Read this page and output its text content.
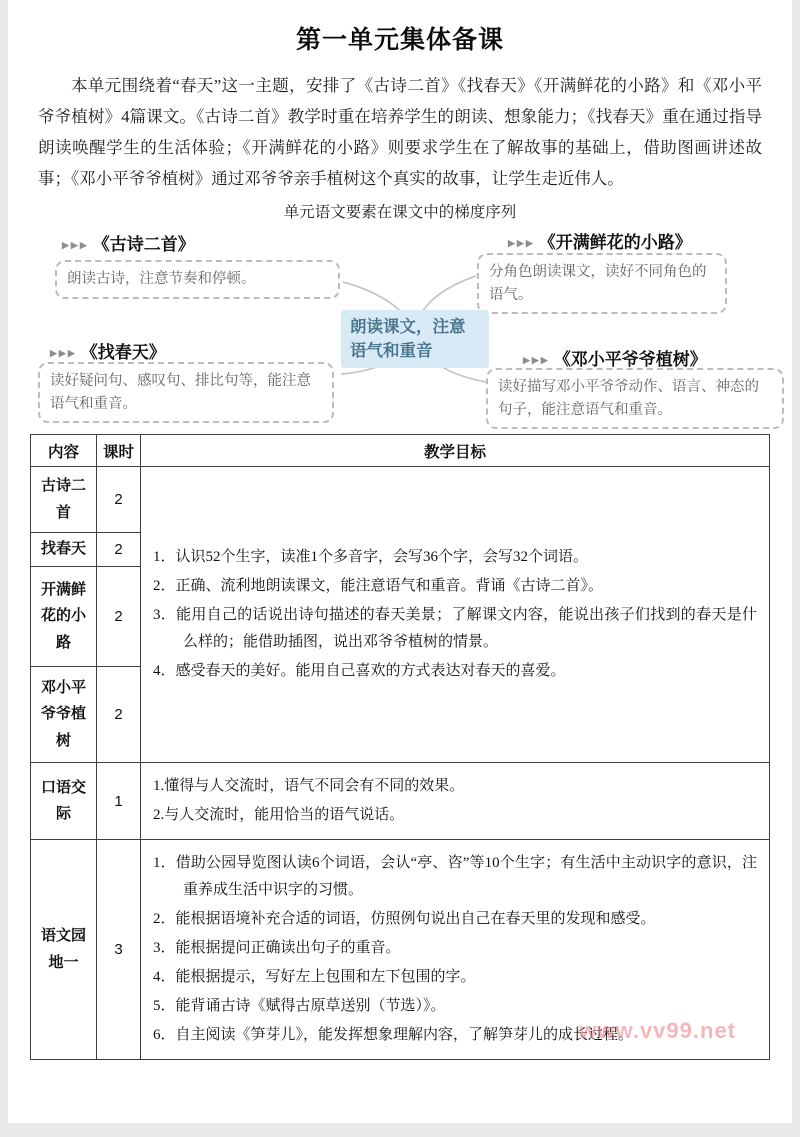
第一单元集体备课

本单元围绕着“春天”这一主题，安排了《古诗二首》《找春天》《开满鲜花的小路》和《邓小平爷爷植树》4篇课文。《古诗二首》教学时重在培养学生的朗读、想象能力；《找春天》重在通过指导朗读唤醒学生的生活体验；《开满鲜花的小路》则要求学生在了解故事的基础上，借助图画讲述故事；《邓小平爷爷植树》通过邓爷爷亲手植树这个真实的故事，让学生走近伟人。

单元语文要素在课文中的梯度序列
▶▶▶ 《古诗二首》
朗读古诗，注意节奏和停顿。
▶▶▶ 《开满鲜花的小路》
分角色朗读课文，读好不同角色的语气。
▶▶▶ 《找春天》
读好疑问句、感叹句、排比句等，能注意语气和重音。
▶▶▶ 《邓小平爷爷植树》
读好描写邓小平爷爷动作、语言、神态的句子，能注意语气和重音。
朗读课文，注意语气和重音
内容	课时	教学目标
古诗二首	2	1．认识52个生字，读准1个多音字，会写36个字，会写32个词语。
2．正确、流利地朗读课文，能注意语气和重音。背诵《古诗二首》。
3．能用自己的话说出诗句描述的春天美景；了解课文内容，能说出孩子们找到的春天是什么样的；能借助插图，说出邓爷爷植树的情景。
4．感受春天的美好。能用自己喜欢的方式表达对春天的喜爱。

找春天	2	
开满鲜花的小路	2	
邓小平爷爷植树	2	
口语交际	1	1.懂得与人交流时，语气不同会有不同的效果。
2.与人交流时，能用恰当的语气说话。

语文园地一	3	
1．借助公园导览图认读6个词语，会认“亭、咨”等10个生字；有生活中主动识字的意识，注重养成生活中识字的习惯。
2．能根据语境补充合适的词语，仿照例句说出自己在春天里的发现和感受。
3．能根据提问正确读出句子的重音。
4．能根据提示，写好左上包围和左下包围的字。
5．能背诵古诗《赋得古原草送别（节选）》。
6．自主阅读《笋芽儿》，能发挥想象理解内容，了解笋芽儿的成长过程。
www.vv99.net
